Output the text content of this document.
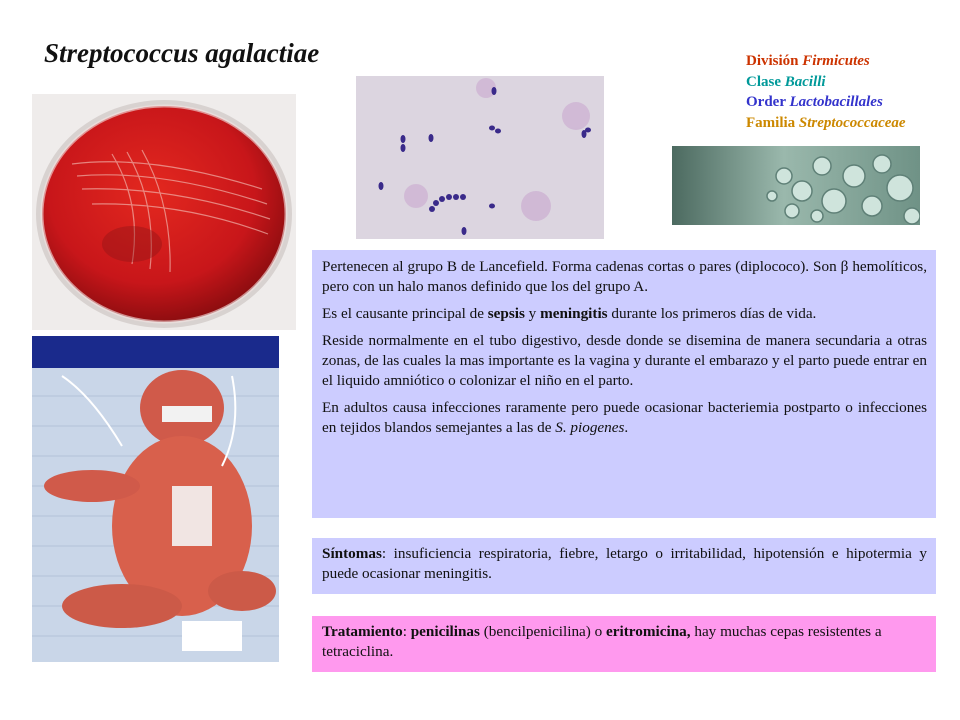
Streptococcus agalactiae	División Firmicutes
Clase Bacilli
Order Lactobacillales
Familia Streptococcaceae

Pertenecen al grupo B de Lancefield. Forma cadenas cortas o pares (diplococo). Son β hemolíticos, pero con un halo manos definido que los del grupo A.

Es el causante principal de sepsis y meningitis durante los primeros días de vida.

Reside normalmente en el tubo digestivo, desde donde se disemina de manera secundaria a otras zonas, de las cuales la mas importante es la vagina y durante el embarazo y el parto puede entrar en el liquido amniótico o colonizar el niño en el parto.

En adultos causa infecciones raramente pero puede ocasionar bacteriemia postparto o infecciones en tejidos blandos semejantes a las de S. piogenes.

Síntomas: insuficiencia respiratoria, fiebre, letargo o irritabilidad, hipotensión e hipotermia y puede ocasionar meningitis.

Tratamiento: penicilinas (bencilpenicilina) o eritromicina, hay muchas cepas resistentes a tetraciclina.
